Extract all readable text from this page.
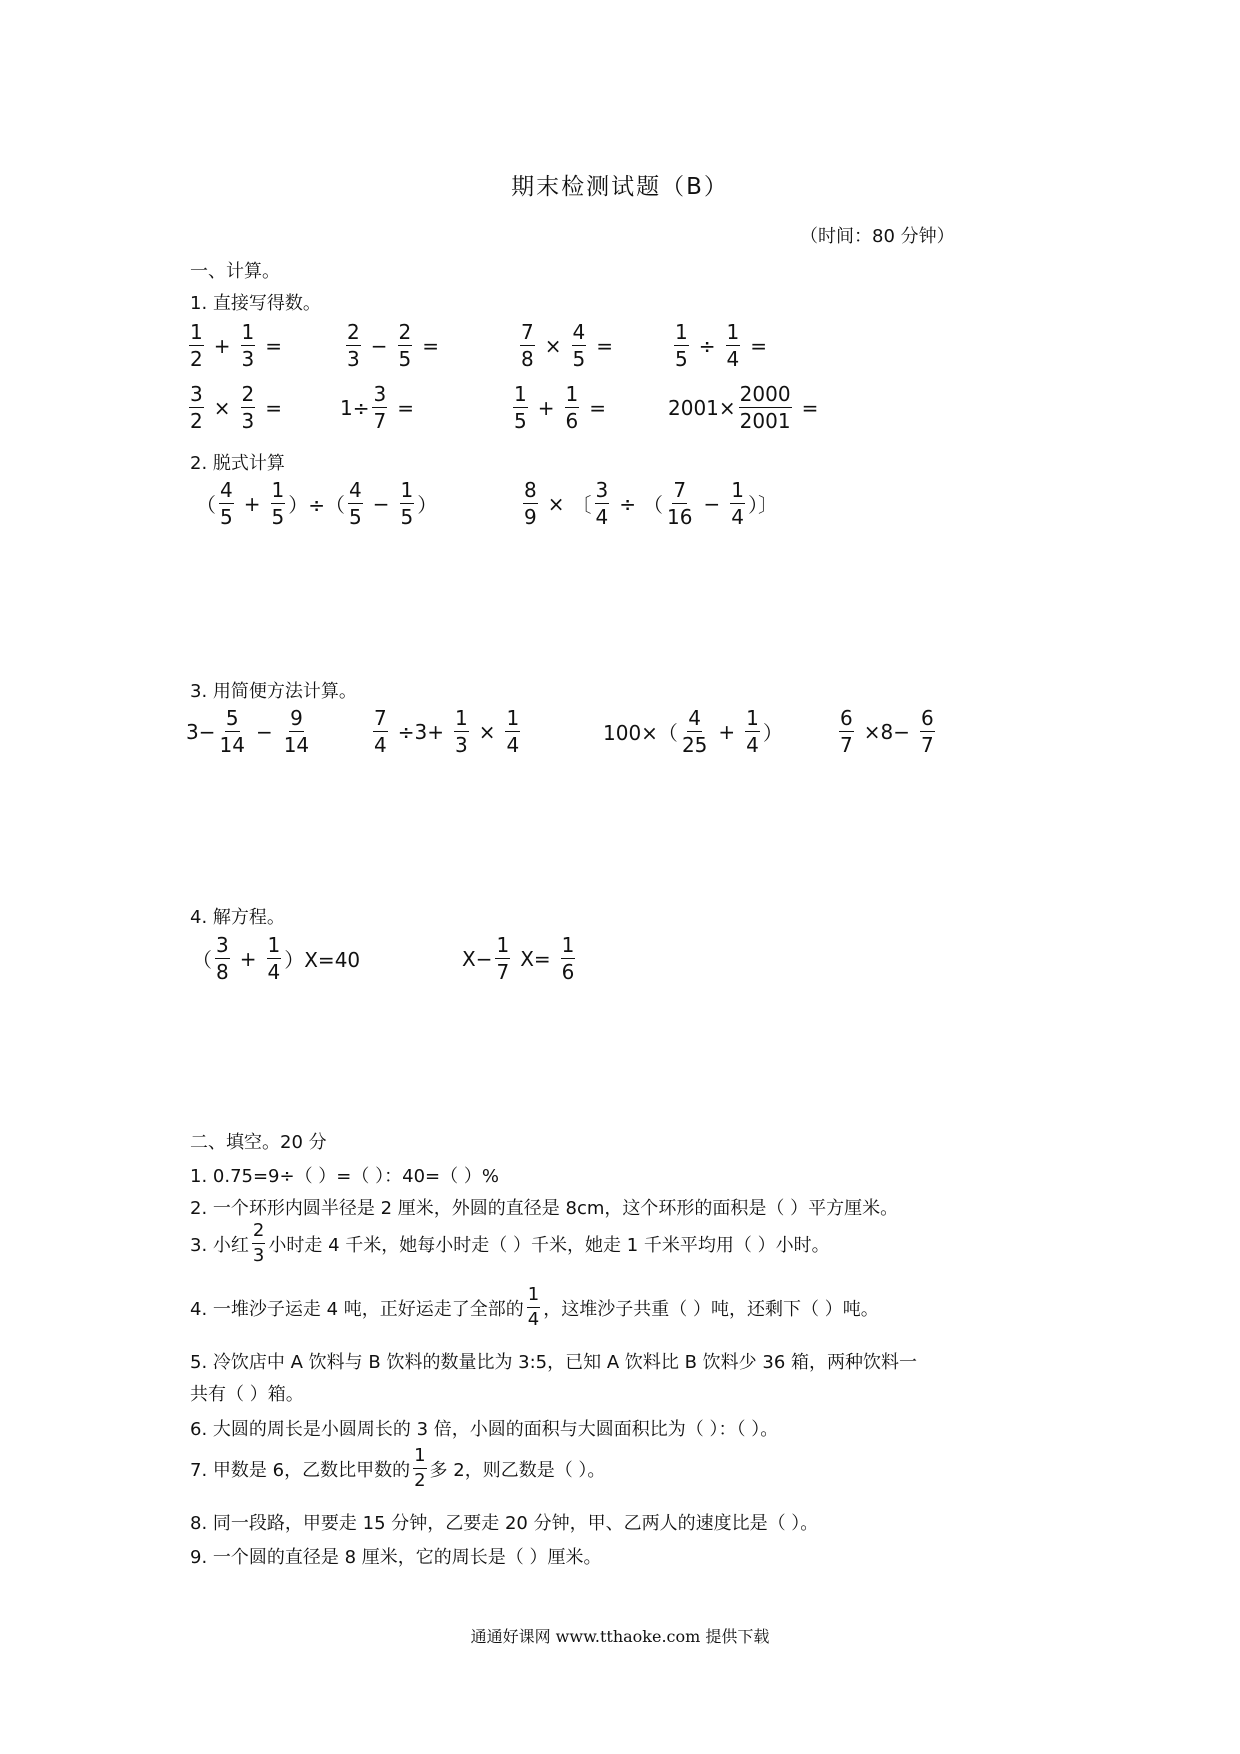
期末检测试题（B）
（时间：80 分钟）
一、计算。
1. 直接写得数。
$\frac{1}{2} + \frac{1}{3}$ =	$\frac{2}{3} - \frac{2}{5}$ =	$\frac{7}{8} \times \frac{4}{5}$ =	$\frac{1}{5} \div \frac{1}{4}$ =
$\frac{3}{2} \times \frac{2}{3}$ =	$1\div \frac{3}{7}$ =	$\frac{1}{5} + \frac{1}{6}$ =	$2001\times \frac{2000}{2001}$ =
2. 脱式计算
（ $\frac{4}{5} + \frac{1}{5}$ ）÷（ $\frac{4}{5} - \frac{1}{5}$ ）	$\frac{8}{9}$ × 〔 $\frac{3}{4}$ ÷ （ $\frac{7}{16} - \frac{1}{4}$ ）〕
3. 用简便方法计算。
$3- \frac{5}{14} - \frac{9}{14}$	$\frac{7}{4} \div 3+ \frac{1}{3} \times \frac{1}{4}$	$100\times( \frac{4}{25} + \frac{1}{4}$ ）	$\frac{6}{7} \times 8- \frac{6}{7}$
4. 解方程。
（ $\frac{3}{8} + \frac{1}{4} )X=40$	$X- \frac{1}{7} X= \frac{1}{6}$
二、填空。20 分
1. 0.75=9÷（ ）=（ ）：40=（ ）%
2. 一个环形内圆半径是 2 厘米，外圆的直径是 8cm，这个环形的面积是（ ）平方厘米。
3. 小红 $\frac{2}{3}$ 小时走 4 千米，她每小时走（ ）千米，她走 1 千米平均用（ ）小时。
4. 一堆沙子运走 4 吨，正好运走了全部的 $\frac{1}{4}$ ，这堆沙子共重（ ）吨，还剩下（ ）吨。
5. 冷饮店中 A 饮料与 B 饮料的数量比为 3:5，已知 A 饮料比 B 饮料少 36 箱，两种饮料一
共有（ ）箱。
6. 大圆的周长是小圆周长的 3 倍，小圆的面积与大圆面积比为（ ）：（ ）。
7. 甲数是 6，乙数比甲数的 $\frac{1}{2}$ 多 2，则乙数是（ ）。
8. 同一段路，甲要走 15 分钟，乙要走 20 分钟，甲、乙两人的速度比是（ ）。
9. 一个圆的直径是 8 厘米，它的周长是（ ）厘米。
通通好课网 www.tthaoke.com 提供下载
